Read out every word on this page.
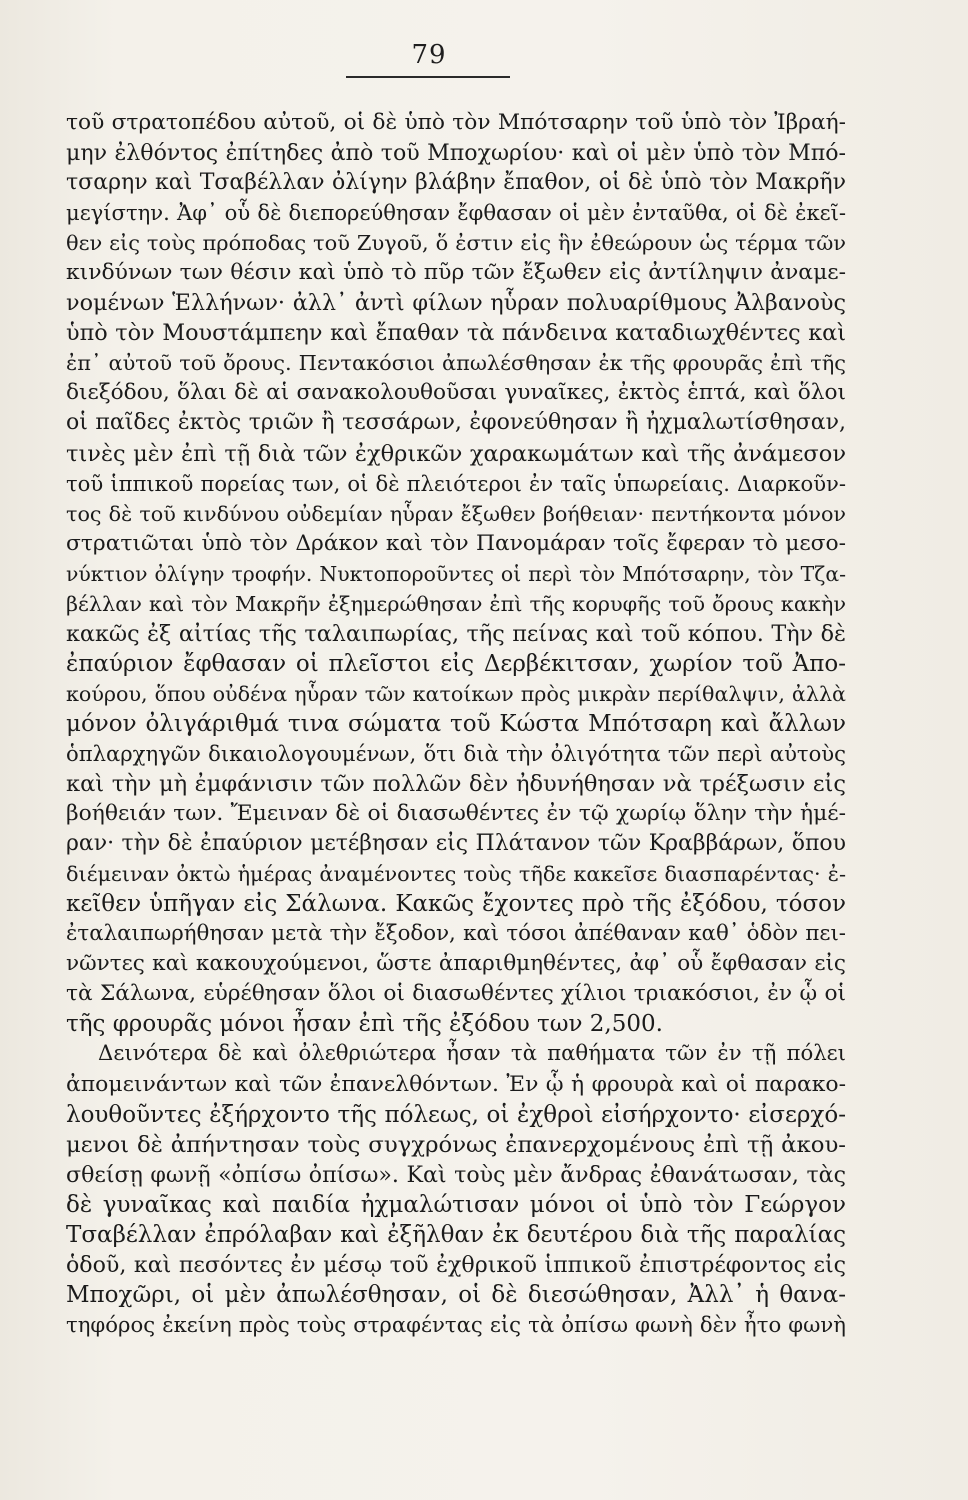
79
τοῦ στρατοπέδου αὐτοῦ, οἱ δὲ ὑπὸ τὸν Μπότσαρην τοῦ ὑπὸ τὸν Ἰβραή-
μην ἐλθόντος ἐπίτηδες ἀπὸ τοῦ Μποχωρίου· καὶ οἱ μὲν ὑπὸ τὸν Μπό-
τσαρην καὶ Τσαβέλλαν ὀλίγην βλάβην ἔπαθον, οἱ δὲ ὑπὸ τὸν Μακρῆν
μεγίστην. Ἀφ᾿ οὗ δὲ διεπορεύθησαν ἔφθασαν οἱ μὲν ἐνταῦθα, οἱ δὲ ἐκεῖ-
θεν εἰς τοὺς πρόποδας τοῦ Ζυγοῦ, ὅ ἐστιν εἰς ἣν ἐθεώρουν ὡς τέρμα τῶν
κινδύνων των θέσιν καὶ ὑπὸ τὸ πῦρ τῶν ἔξωθεν εἰς ἀντίληψιν ἀναμε-
νομένων Ἑλλήνων· ἀλλ᾿ ἀντὶ φίλων ηὗραν πολυαρίθμους Ἀλβανοὺς
ὑπὸ τὸν Μουστάμπεην καὶ ἔπαθαν τὰ πάνδεινα καταδιωχθέντες καὶ
ἐπ᾿ αὐτοῦ τοῦ ὄρους. Πεντακόσιοι ἀπωλέσθησαν ἐκ τῆς φρουρᾶς ἐπὶ τῆς
διεξόδου, ὅλαι δὲ αἱ σανακολουθοῦσαι γυναῖκες, ἐκτὸς ἑπτά, καὶ ὅλοι
οἱ παῖδες ἐκτὸς τριῶν ἢ τεσσάρων, ἐφονεύθησαν ἢ ἠχμαλωτίσθησαν,
τινὲς μὲν ἐπὶ τῇ διὰ τῶν ἐχθρικῶν χαρακωμάτων καὶ τῆς ἀνάμεσον
τοῦ ἱππικοῦ πορείας των, οἱ δὲ πλειότεροι ἐν ταῖς ὑπωρείαις. Διαρκοῦν-
τος δὲ τοῦ κινδύνου οὐδεμίαν ηὗραν ἔξωθεν βοήθειαν· πεντήκοντα μόνον
στρατιῶται ὑπὸ τὸν Δράκον καὶ τὸν Πανομάραν τοῖς ἔφεραν τὸ μεσο-
νύκτιον ὀλίγην τροφήν. Νυκτοποροῦντες οἱ περὶ τὸν Μπότσαρην, τὸν Τζα-
βέλλαν καὶ τὸν Μακρῆν ἐξημερώθησαν ἐπὶ τῆς κορυφῆς τοῦ ὄρους κακὴν
κακῶς ἐξ αἰτίας τῆς ταλαιπωρίας, τῆς πείνας καὶ τοῦ κόπου. Τὴν δὲ
ἐπαύριον ἔφθασαν οἱ πλεῖστοι εἰς Δερβέκιτσαν, χωρίον τοῦ Ἀπο-
κούρου, ὅπου οὐδένα ηὗραν τῶν κατοίκων πρὸς μικρὰν περίθαλψιν, ἀλλὰ
μόνον ὀλιγάριθμά τινα σώματα τοῦ Κώστα Μπότσαρη καὶ ἄλλων
ὁπλαρχηγῶν δικαιολογουμένων, ὅτι διὰ τὴν ὀλιγότητα τῶν περὶ αὐτοὺς
καὶ τὴν μὴ ἐμφάνισιν τῶν πολλῶν δὲν ἠδυνήθησαν νὰ τρέξωσιν εἰς
βοήθειάν των. Ἔμειναν δὲ οἱ διασωθέντες ἐν τῷ χωρίῳ ὅλην τὴν ἡμέ-
ραν· τὴν δὲ ἐπαύριον μετέβησαν εἰς Πλάτανον τῶν Κραββάρων, ὅπου
διέμειναν ὀκτὼ ἡμέρας ἀναμένοντες τοὺς τῆδε κακεῖσε διασπαρέντας· ἐ-
κεῖθεν ὑπῆγαν εἰς Σάλωνα. Κακῶς ἔχοντες πρὸ τῆς ἐξόδου, τόσον
ἐταλαιπωρήθησαν μετὰ τὴν ἔξοδον, καὶ τόσοι ἀπέθαναν καθ᾿ ὁδὸν πει-
νῶντες καὶ κακουχούμενοι, ὥστε ἀπαριθμηθέντες, ἀφ᾿ οὗ ἔφθασαν εἰς
τὰ Σάλωνα, εὑρέθησαν ὅλοι οἱ διασωθέντες χίλιοι τριακόσιοι, ἐν ᾧ οἱ
τῆς φρουρᾶς μόνοι ἦσαν ἐπὶ τῆς ἐξόδου των 2,500.
Δεινότερα δὲ καὶ ὀλεθριώτερα ἦσαν τὰ παθήματα τῶν ἐν τῇ πόλει
ἀπομεινάντων καὶ τῶν ἐπανελθόντων. Ἐν ᾧ ἡ φρουρὰ καὶ οἱ παρακο-
λουθοῦντες ἐξήρχοντο τῆς πόλεως, οἱ ἐχθροὶ εἰσήρχοντο· εἰσερχό-
μενοι δὲ ἀπήντησαν τοὺς συγχρόνως ἐπανερχομένους ἐπὶ τῇ ἀκου-
σθείσῃ φωνῇ «ὀπίσω ὀπίσω». Καὶ τοὺς μὲν ἄνδρας ἐθανάτωσαν, τὰς
δὲ γυναῖκας καὶ παιδία ἠχμαλώτισαν μόνοι οἱ ὑπὸ τὸν Γεώργον
Τσαβέλλαν ἐπρόλαβαν καὶ ἐξῆλθαν ἐκ δευτέρου διὰ τῆς παραλίας
ὁδοῦ, καὶ πεσόντες ἐν μέσῳ τοῦ ἐχθρικοῦ ἱππικοῦ ἐπιστρέφοντος εἰς
Μποχῶρι, οἱ μὲν ἀπωλέσθησαν, οἱ δὲ διεσώθησαν, Ἀλλ᾿ ἡ θανα-
τηφόρος ἐκείνη πρὸς τοὺς στραφέντας εἰς τὰ ὀπίσω φωνὴ δὲν ἦτο φωνὴ
